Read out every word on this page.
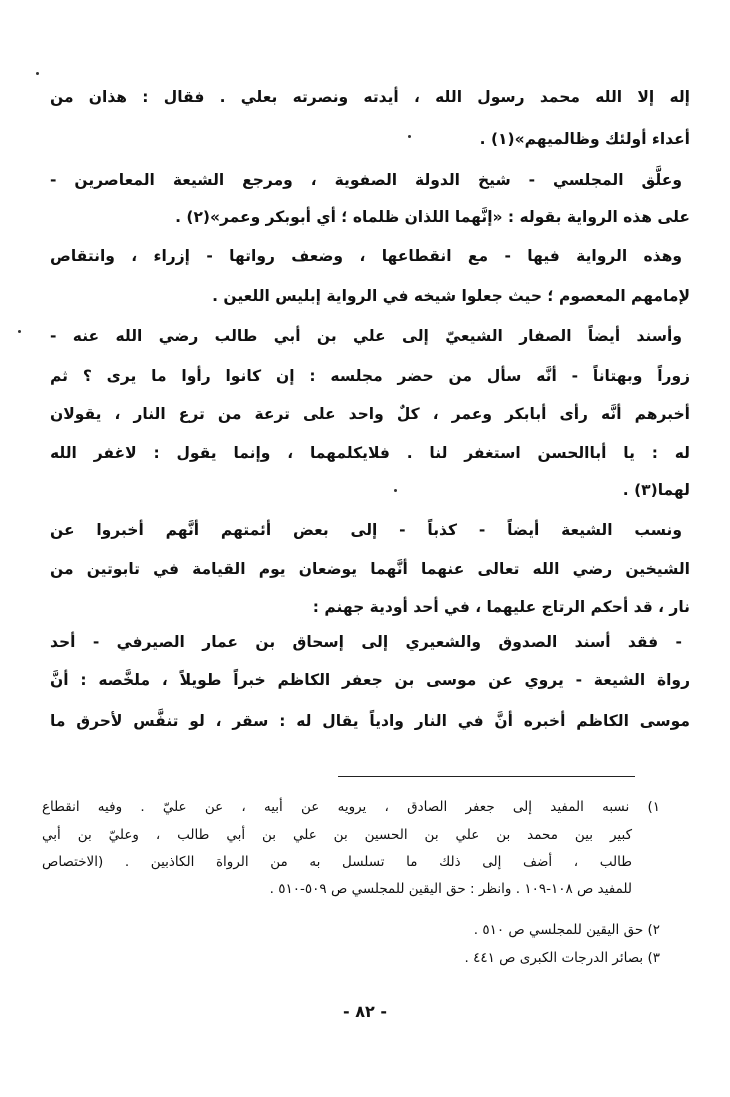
إله إلا الله محمد رسول الله ، أيدته ونصرته بعلي . فقال : هذان من
أعداء أولئك وظالميهم»(١) .
وعلَّق المجلسي - شيخ الدولة الصفوية ، ومرجع الشيعة المعاصرين -
على هذه الرواية بقوله : «إنَّهما اللذان ظلماه ؛ أي أبوبكر وعمر»(٢) .
وهذه الرواية فيها - مع انقطاعها ، وضعف رواتها - إزراء ، وانتقاص
لإمامهم المعصوم ؛ حيث جعلوا شيخه في الرواية إبليس اللعين .
وأسند أيضاً الصفار الشيعيّ إلى علي بن أبي طالب رضي الله عنه -
زوراً وبهتاناً - أنَّه سأل من حضر مجلسه : إن كانوا رأوا ما يرى ؟ ثم
أخبرهم أنَّه رأى أبابكر وعمر ، كلٌ واحد على ترعة من ترع النار ، يقولان
له : يا أباالحسن استغفر لنا . فلايكلمهما ، وإنما يقول : لاغفر الله
لهما(٣) .
ونسب الشيعة أيضاً - كذباً - إلى بعض أئمتهم أنَّهم أخبروا عن
الشيخين رضي الله تعالى عنهما أنَّهما يوضعان يوم القيامة في تابوتين من
نار ، قد أحكم الرتاج عليهما ، في أحد أودية جهنم :
- فقد أسند الصدوق والشعيري إلى إسحاق بن عمار الصيرفي - أحد
رواة الشيعة - يروي عن موسى بن جعفر الكاظم خبراً طويلاً ، ملخَّصه : أنَّ
موسى الكاظم أخبره أنَّ في النار وادياً يقال له : سقر ، لو تنفَّس لأحرق ما
١) نسبه المفيد إلى جعفر الصادق ، يرويه عن أبيه ، عن عليّ . وفيه انقطاع
كبير بين محمد بن علي بن الحسين بن علي بن أبي طالب ، وعليّ بن أبي
طالب ، أضف إلى ذلك ما تسلسل به من الرواة الكاذبين . (الاختصاص
للمفيد ص ١٠٨-١٠٩ . وانظر : حق اليقين للمجلسي ص ٥٠٩-٥١٠ .
٢) حق اليقين للمجلسي ص ٥١٠ .
٣) بصائر الدرجات الكبرى ص ٤٤١ .
- ٨٢ -
